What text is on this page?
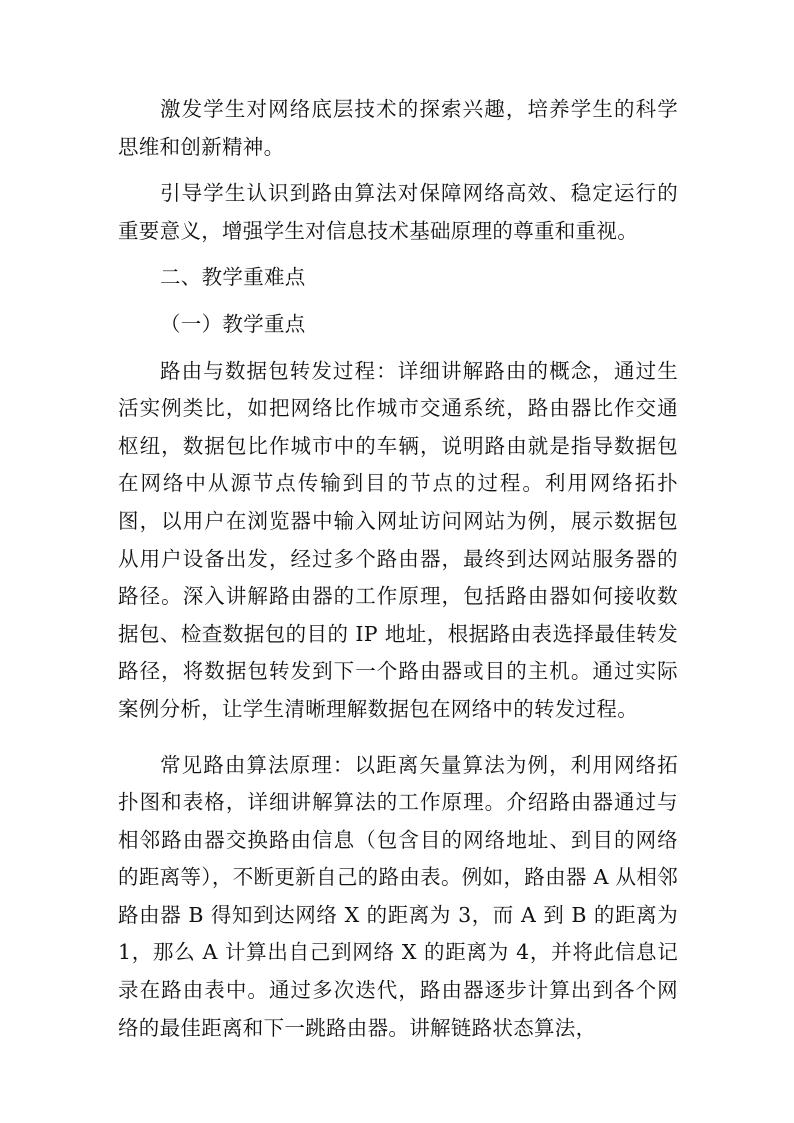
激发学生对网络底层技术的探索兴趣，培养学生的科学思维和创新精神。

引导学生认识到路由算法对保障网络高效、稳定运行的重要意义，增强学生对信息技术基础原理的尊重和重视。

二、教学重难点

（一）教学重点

路由与数据包转发过程：详细讲解路由的概念，通过生活实例类比，如把网络比作城市交通系统，路由器比作交通枢纽，数据包比作城市中的车辆，说明路由就是指导数据包在网络中从源节点传输到目的节点的过程。利用网络拓扑图，以用户在浏览器中输入网址访问网站为例，展示数据包从用户设备出发，经过多个路由器，最终到达网站服务器的路径。深入讲解路由器的工作原理，包括路由器如何接收数据包、检查数据包的目的 IP 地址，根据路由表选择最佳转发路径，将数据包转发到下一个路由器或目的主机。通过实际案例分析，让学生清晰理解数据包在网络中的转发过程。

常见路由算法原理：以距离矢量算法为例，利用网络拓扑图和表格，详细讲解算法的工作原理。介绍路由器通过与相邻路由器交换路由信息（包含目的网络地址、到目的网络的距离等），不断更新自己的路由表。例如，路由器 A 从相邻路由器 B 得知到达网络 X 的距离为 3，而 A 到 B 的距离为 1，那么 A 计算出自己到网络 X 的距离为 4，并将此信息记录在路由表中。通过多次迭代，路由器逐步计算出到各个网络的最佳距离和下一跳路由器。讲解链路状态算法，
